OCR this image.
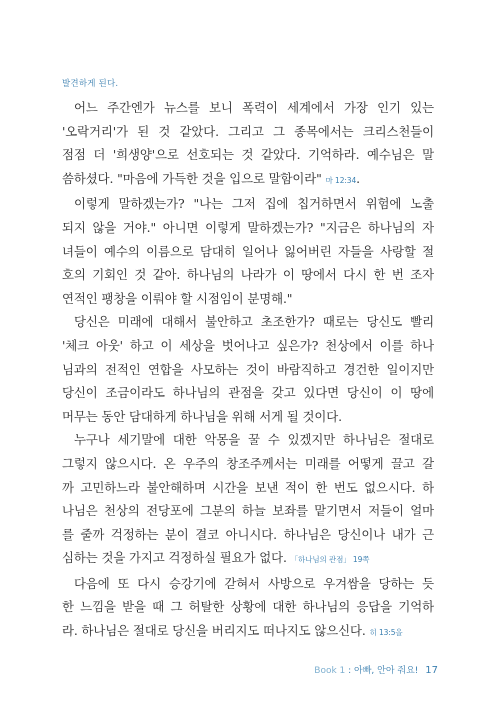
발견하게 된다.

어느 주간엔가 뉴스를 보니 폭력이 세계에서 가장 인기 있는
'오락거리'가 된 것 같았다. 그리고 그 종목에서는 크리스천들이
점점 더 '희생양'으로 선호되는 것 같았다. 기억하라. 예수님은 말
씀하셨다. "마음에 가득한 것을 입으로 말함이라" 마 12:34.

이렇게 말하겠는가? "나는 그저 집에 칩거하면서 위험에 노출
되지 않을 거야." 아니면 이렇게 말하겠는가? "지금은 하나님의 자
녀들이 예수의 이름으로 담대히 일어나 잃어버린 자들을 사랑할 절
호의 기회인 것 같아. 하나님의 나라가 이 땅에서 다시 한 번 조자
연적인 팽창을 이뤄야 할 시점임이 분명해."

당신은 미래에 대해서 불안하고 초조한가? 때로는 당신도 빨리
'체크 아웃' 하고 이 세상을 벗어나고 싶은가? 천상에서 이를 하나
님과의 전적인 연합을 사모하는 것이 바람직하고 경건한 일이지만
당신이 조금이라도 하나님의 관점을 갖고 있다면 당신이 이 땅에
머무는 동안 담대하게 하나님을 위해 서게 될 것이다.

누구나 세기말에 대한 악몽을 꿀 수 있겠지만 하나님은 절대로
그렇지 않으시다. 온 우주의 창조주께서는 미래를 어떻게 끌고 갈
까 고민하느라 불안해하며 시간을 보낸 적이 한 번도 없으시다. 하
나님은 천상의 전당포에 그분의 하늘 보좌를 맡기면서 저들이 얼마
를 줄까 걱정하는 분이 결코 아니시다. 하나님은 당신이나 내가 근
심하는 것을 가지고 걱정하실 필요가 없다. 「하나님의 관점」 19쪽

다음에 또 다시 승강기에 갇혀서 사방으로 우겨쌈을 당하는 듯
한 느낌을 받을 때 그 허탈한 상황에 대한 하나님의 응답을 기억하
라. 하나님은 절대로 당신을 버리지도 떠나지도 않으신다. 히 13:5을

Book 1 : 아빠, 안아 줘요! 17
